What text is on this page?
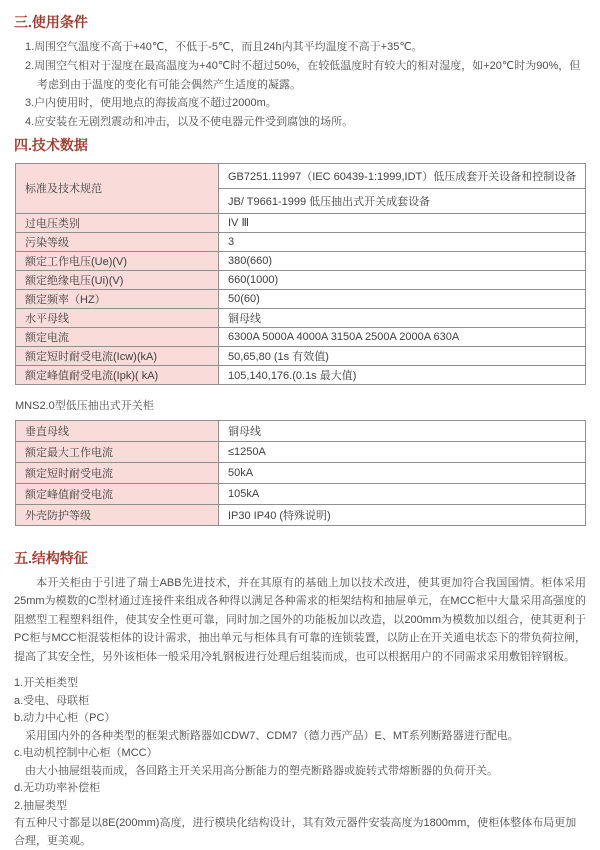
三.使用条件
1.周围空气温度不高于+40℃，不低于-5℃，而且24h内其平均温度不高于+35℃。
2.周围空气相对于湿度在最高温度为+40℃时不超过50%，在较低温度时有较大的相对湿度，如+20℃时为90%，但考虑到由于温度的变化有可能会偶然产生适度的凝露。
3.户内使用时，使用地点的海拔高度不超过2000m。
4.应安装在无剧烈震动和冲击，以及不使电器元件受到腐蚀的场所。
四.技术数据
标准及技术规范	GB7251.11997（IEC 60439-1:1999,IDT）低压成套开关设备和控制设备
	JB/ T9661-1999 低压抽出式开关成套设备
过电压类别	IV Ⅲ
污染等级	3
额定工作电压(Ue)(V)	380(660)
额定绝缘电压(Ui)(V)	660(1000)
额定频率（HZ）	50(60)
水平母线	铜母线
额定电流	6300A 5000A 4000A 3150A 2500A 2000A 630A
额定短时耐受电流(Icw)(kA)	50,65,80 (1s 有效值)
额定峰值耐受电流(Ipk)( kA)	105,140,176.(0.1s 最大值)
MNS2.0型低压抽出式开关柜
垂直母线	铜母线
额定最大工作电流	≤1250A
额定短时耐受电流	50kA
额定峰值耐受电流	105kA
外壳防护等级	IP30 IP40 (特殊说明)
五.结构特征

本开关柜由于引进了瑞士ABB先进技术，并在其原有的基础上加以技术改进，使其更加符合我国国情。柜体采用25mm为模数的C型材通过连接件来组成各种得以满足各种需求的柜架结构和抽屉单元，在MCC柜中大量采用高强度的阻燃型工程塑料组件，使其安全性更可靠，同时加之国外的功能板加以改造，以200mm为模数加以组合，使其更利于PC柜与MCC柜混装柜体的设计需求，抽出单元与柜体具有可靠的连锁装置，以防止在开关通电状态下的带负荷拉闸，提高了其安全性，另外该柜体一般采用冷轧钢板进行处理后组装而成，也可以根据用户的不同需求采用敷铝锌钢板。

1.开关柜类型
a.受电、母联柜
b.动力中心柜（PC）
采用国内外的各种类型的框架式断路器如CDW7、CDM7（德力西产品）E、MT系列断路器进行配电。
c.电动机控制中心柜（MCC）
由大小抽屉组装而成，各回路主开关采用高分断能力的塑壳断路器或旋转式带熔断器的负荷开关。
d.无功功率补偿柜
2.抽屉类型
有五种尺寸都是以8E(200mm)高度，进行模块化结构设计，其有效元器件安装高度为1800mm，使柜体整体布局更加合理，更美观。
